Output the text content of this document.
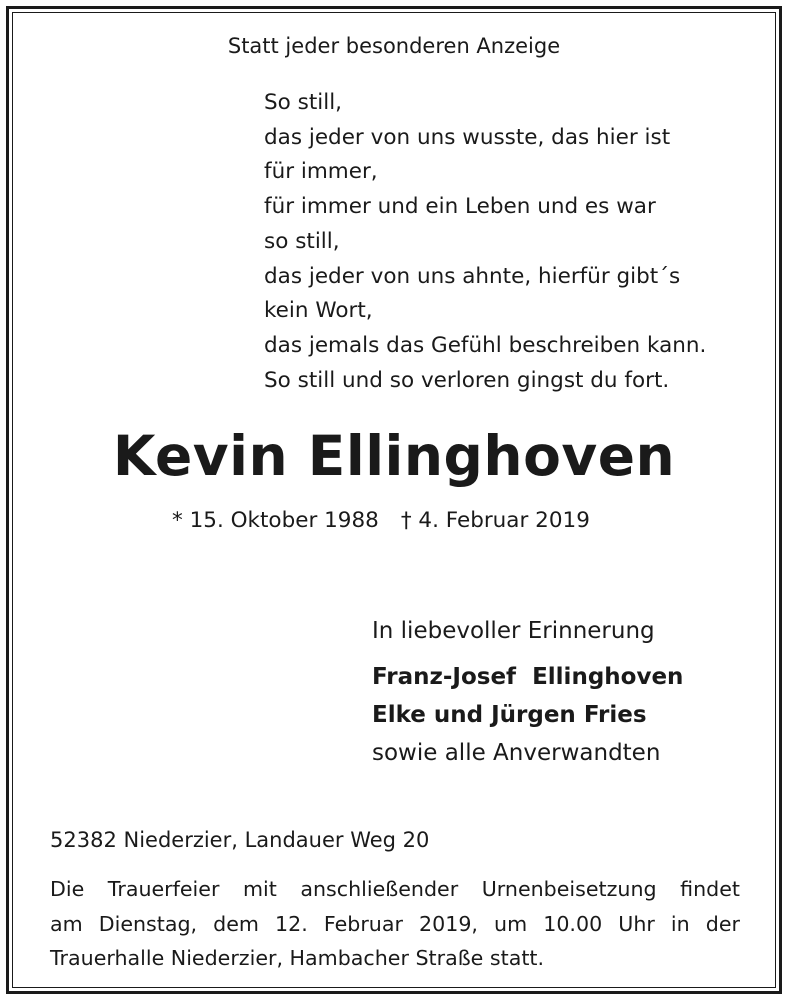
Statt jeder besonderen Anzeige
So still,
das jeder von uns wusste, das hier ist
für immer,
für immer und ein Leben und es war
so still,
das jeder von uns ahnte, hierfür gibt´s
kein Wort,
das jemals das Gefühl beschreiben kann.
So still und so verloren gingst du fort.
Kevin Ellinghoven
* 15. Oktober 1988 † 4. Februar 2019
In liebevoller Erinnerung
Franz-Josef  Ellinghoven
Elke und Jürgen Fries
sowie alle Anverwandten
52382 Niederzier, Landauer Weg 20
Die Trauerfeier mit anschließender Urnenbeisetzung findet
am Dienstag, dem 12. Februar 2019, um 10.00 Uhr in der
Trauerhalle Niederzier, Hambacher Straße statt.
